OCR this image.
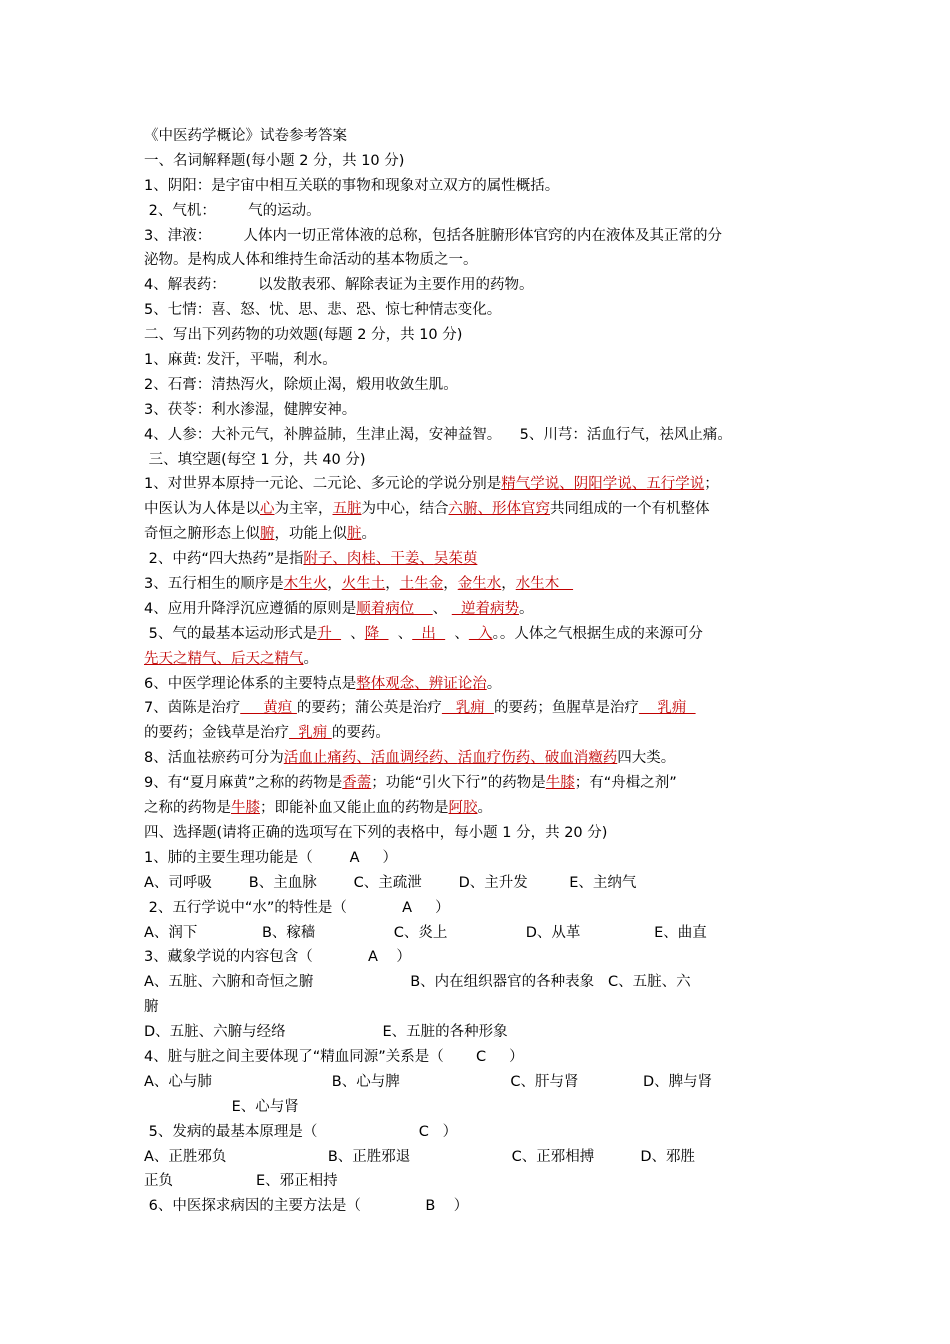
《中医药学概论》试卷参考答案
一、名词解释题(每小题 2 分，共 10 分)
1、阴阳：是宇宙中相互关联的事物和现象对立双方的属性概括。
2、气机：       气的运动。
3、津液：       人体内一切正常体液的总称，包括各脏腑形体官窍的内在液体及其正常的分
泌物。是构成人体和维持生命活动的基本物质之一。
4、解表药：       以发散表邪、解除表证为主要作用的药物。
5、七情：喜、怒、忧、思、悲、恐、惊七种情志变化。
二、写出下列药物的功效题(每题 2 分，共 10 分)
1、麻黄: 发汗，平喘，利水。
2、石膏：清热泻火，除烦止渴，煅用收敛生肌。
3、茯苓：利水渗湿，健脾安神。
4、人参：大补元气，补脾益肺，生津止渴，安神益智。    5、川芎：活血行气，祛风止痛。
三、填空题(每空 1 分，共 40 分)
1、对世界本原持一元论、二元论、多元论的学说分别是精气学说、阴阳学说、五行学说；
中医认为人体是以心为主宰，五脏为中心，结合六腑、形体官窍共同组成的一个有机整体
奇恒之腑形态上似腑，功能上似脏。
2、中药“四大热药”是指附子、肉桂、干姜、吴茱萸
3、五行相生的顺序是木生火，火生土，土生金，金生水，水生木
4、应用升降浮沉应遵循的原则是顺着病位    、   逆着病势。
5、气的最基本运动形式是升    、降    、  出    、  入。。人体之气根据生成的来源可分
先天之精气、后天之精气。
6、中医学理论体系的主要特点是整体观念、辨证论治。
7、茵陈是治疗     黄疸 的要药；蒲公英是治疗   乳痈  的要药；鱼腥草是治疗    乳痈
的要药；金钱草是治疗  乳痈 的要药。
8、活血祛瘀药可分为活血止痛药、活血调经药、活血疗伤药、破血消癥药四大类。
9、有“夏月麻黄”之称的药物是香薷；功能“引火下行”的药物是牛膝；有“舟楫之剂”
之称的药物是牛膝；即能补血又能止血的药物是阿胶。
四、选择题(请将正确的选项写在下列的表格中，每小题 1 分，共 20 分)
1、肺的主要生理功能是（        A     ）
A、司呼吸        B、主血脉        C、主疏泄        D、主升发         E、主纳气
2、五行学说中“水”的特性是（            A     ）
A、润下              B、稼穑                 C、炎上                 D、从革                E、曲直
3、藏象学说的内容包含（            A    ）
A、五脏、六腑和奇恒之腑                     B、内在组织器官的各种表象   C、五脏、六
腑
D、五脏、六腑与经络                     E、五脏的各种形象
4、脏与脏之间主要体现了“精血同源”关系是（       C     ）
A、心与肺                          B、心与脾                        C、肝与肾              D、脾与肾
E、心与肾
5、发病的最基本原理是（                      C   ）
A、正胜邪负                      B、正胜邪退                      C、正邪相搏          D、邪胜
正负                  E、邪正相持
6、中医探求病因的主要方法是（              B    ）
